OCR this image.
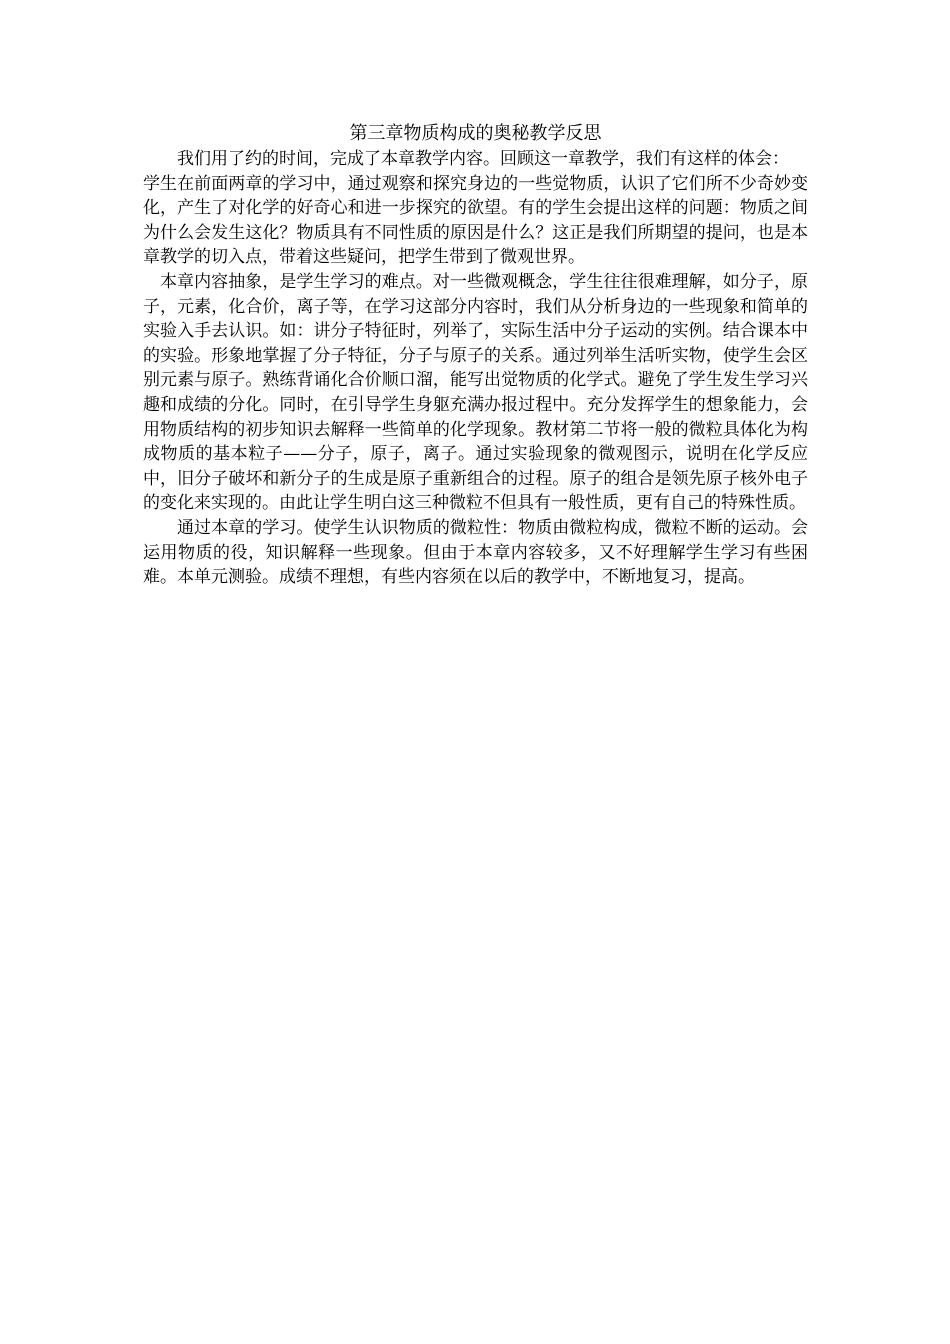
第三章物质构成的奥秘教学反思

我们用了约的时间，完成了本章教学内容。回顾这一章教学，我们有这样的体会：

学生在前面两章的学习中，通过观察和探究身边的一些觉物质，认识了它们所不少奇妙变化，产生了对化学的好奇心和进一步探究的欲望。有的学生会提出这样的问题：物质之间为什么会发生这化？物质具有不同性质的原因是什么？这正是我们所期望的提问，也是本章教学的切入点，带着这些疑问，把学生带到了微观世界。

本章内容抽象，是学生学习的难点。对一些微观概念，学生往往很难理解，如分子，原子，元素，化合价，离子等，在学习这部分内容时，我们从分析身边的一些现象和简单的实验入手去认识。如：讲分子特征时，列举了，实际生活中分子运动的实例。结合课本中的实验。形象地掌握了分子特征，分子与原子的关系。通过列举生活听实物，使学生会区别元素与原子。熟练背诵化合价顺口溜，能写出觉物质的化学式。避免了学生发生学习兴趣和成绩的分化。同时，在引导学生身躯充满办报过程中。充分发挥学生的想象能力，会用物质结构的初步知识去解释一些简单的化学现象。教材第二节将一般的微粒具体化为构成物质的基本粒子——分子，原子，离子。通过实验现象的微观图示，说明在化学反应中，旧分子破坏和新分子的生成是原子重新组合的过程。原子的组合是领先原子核外电子的变化来实现的。由此让学生明白这三种微粒不但具有一般性质，更有自己的特殊性质。

通过本章的学习。使学生认识物质的微粒性：物质由微粒构成，微粒不断的运动。会运用物质的役，知识解释一些现象。但由于本章内容较多，又不好理解学生学习有些困难。本单元测验。成绩不理想，有些内容须在以后的教学中，不断地复习，提高。
